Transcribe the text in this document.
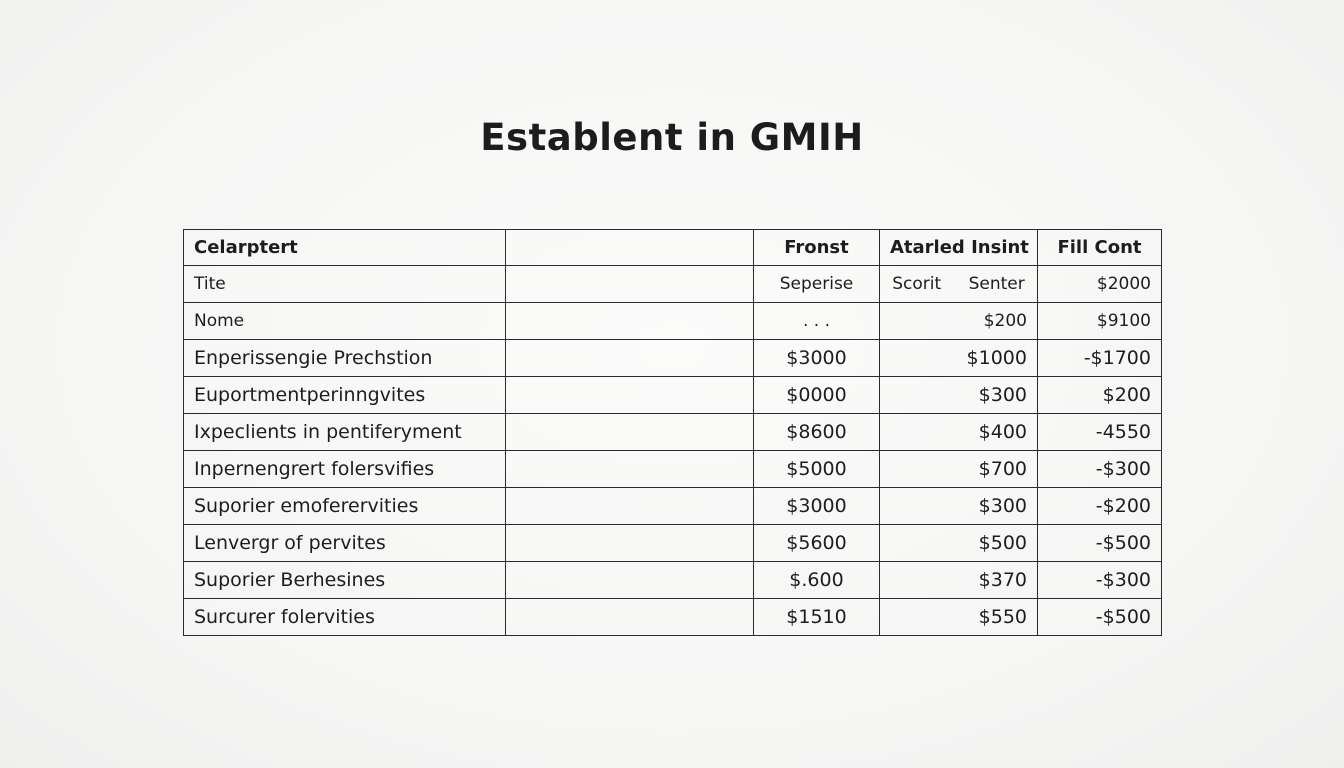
Establent in GMIH
Celarptert		Fronst	Atarled Insint	Fill Cont
Tite		Seperise	Scorit Senter	$2000
Nome		. . .	$200	$9100
Enperissengie Prechstion		$3000	$1000	-$1700
Euportmentperinngvites		$0000	$300	$200
Ixpeclients in pentiferyment		$8600	$400	-4550
Inpernengrert folersvifies		$5000	$700	-$300
Suporier emoferervities		$3000	$300	-$200
Lenvergr of pervites		$5600	$500	-$500
Suporier Berhesines		$.600	$370	-$300
Surcurer folervities		$1510	$550	-$500
